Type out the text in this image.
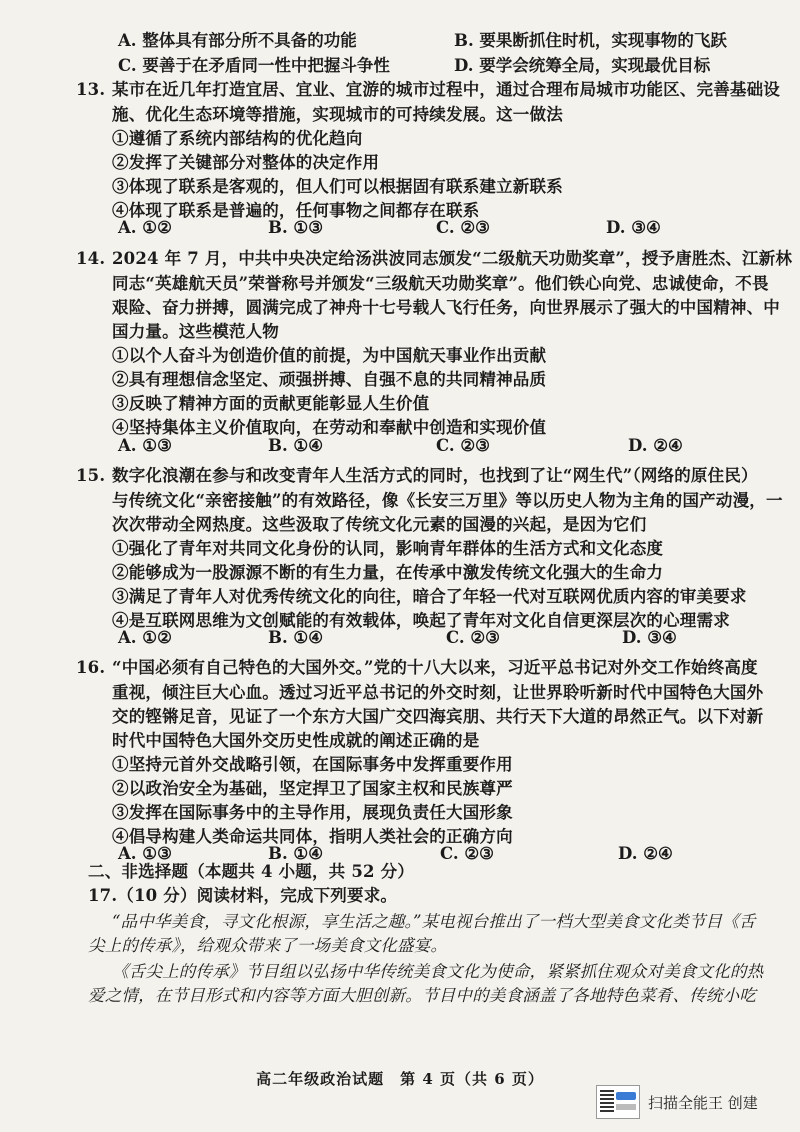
A. 整体具有部分所不具备的功能	B. 要果断抓住时机，实现事物的飞跃
C. 要善于在矛盾同一性中把握斗争性	D. 要学会统筹全局，实现最优目标
13. 某市在近几年打造宜居、宜业、宜游的城市过程中，通过合理布局城市功能区、完善基础设
施、优化生态环境等措施，实现城市的可持续发展。这一做法
①遵循了系统内部结构的优化趋向
②发挥了关键部分对整体的决定作用
③体现了联系是客观的，但人们可以根据固有联系建立新联系
④体现了联系是普遍的，任何事物之间都存在联系
A. ①②	B. ①③	C. ②③	D. ③④
14. 2024 年 7 月，中共中央决定给汤洪波同志颁发“二级航天功勋奖章”，授予唐胜杰、江新林
同志“英雄航天员”荣誉称号并颁发“三级航天功勋奖章”。他们铁心向党、忠诚使命，不畏
艰险、奋力拼搏，圆满完成了神舟十七号载人飞行任务，向世界展示了强大的中国精神、中
国力量。这些模范人物
①以个人奋斗为创造价值的前提，为中国航天事业作出贡献
②具有理想信念坚定、顽强拼搏、自强不息的共同精神品质
③反映了精神方面的贡献更能彰显人生价值
④坚持集体主义价值取向，在劳动和奉献中创造和实现价值
A. ①③	B. ①④	C. ②③	D. ②④
15. 数字化浪潮在参与和改变青年人生活方式的同时，也找到了让“网生代”（网络的原住民）
与传统文化“亲密接触”的有效路径，像《长安三万里》等以历史人物为主角的国产动漫，一
次次带动全网热度。这些汲取了传统文化元素的国漫的兴起，是因为它们
①强化了青年对共同文化身份的认同，影响青年群体的生活方式和文化态度
②能够成为一股源源不断的有生力量，在传承中激发传统文化强大的生命力
③满足了青年人对优秀传统文化的向往，暗合了年轻一代对互联网优质内容的审美要求
④是互联网思维为文创赋能的有效载体，唤起了青年对文化自信更深层次的心理需求
A. ①②	B. ①④	C. ②③	D. ③④
16. “中国必须有自己特色的大国外交。”党的十八大以来，习近平总书记对外交工作始终高度
重视，倾注巨大心血。透过习近平总书记的外交时刻，让世界聆听新时代中国特色大国外
交的铿锵足音，见证了一个东方大国广交四海宾朋、共行天下大道的昂然正气。以下对新
时代中国特色大国外交历史性成就的阐述正确的是
①坚持元首外交战略引领，在国际事务中发挥重要作用
②以政治安全为基础，坚定捍卫了国家主权和民族尊严
③发挥在国际事务中的主导作用，展现负责任大国形象
④倡导构建人类命运共同体，指明人类社会的正确方向
A. ①③	B. ①④	C. ②③	D. ②④
二、非选择题（本题共 4 小题，共 52 分）
17.（10 分）阅读材料，完成下列要求。
“品中华美食，寻文化根源，享生活之趣。”某电视台推出了一档大型美食文化类节目《舌
尖上的传承》，给观众带来了一场美食文化盛宴。
《舌尖上的传承》节目组以弘扬中华传统美食文化为使命，紧紧抓住观众对美食文化的热
爱之情，在节目形式和内容等方面大胆创新。节目中的美食涵盖了各地特色菜肴、传统小吃
高二年级政治试题　第 4 页（共 6 页）
扫描全能王 创建
